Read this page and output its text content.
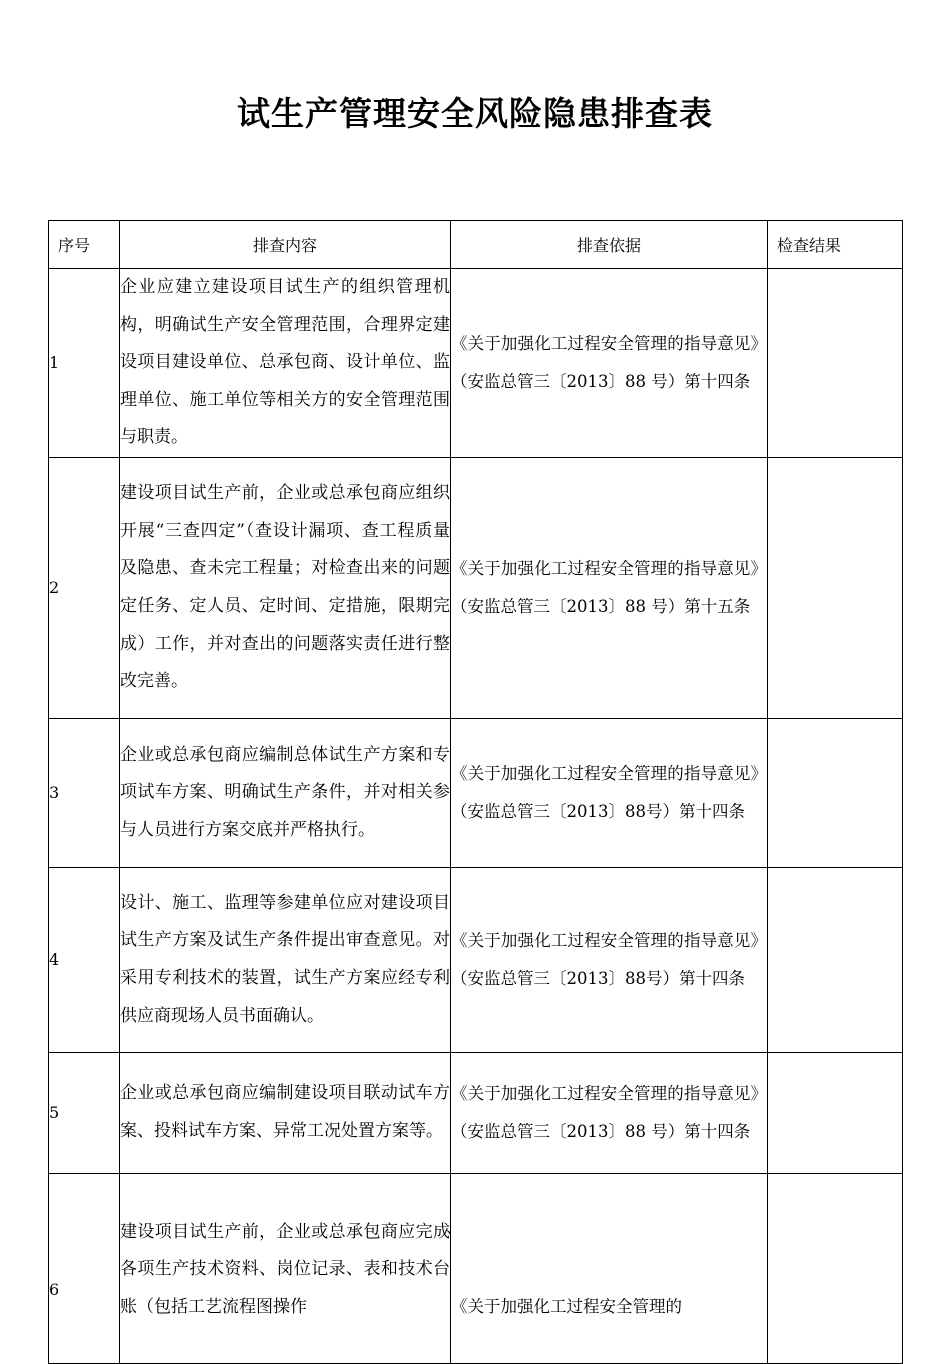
试生产管理安全风险隐患排查表
序号	排查内容	排查依据	检查结果
1	企业应建立建设项目试生产的组织管理机构，明确试生产安全管理范围，合理界定建设项目建设单位、总承包商、设计单位、监理单位、施工单位等相关方的安全管理范围与职责。	《关于加强化工过程安全管理的指导意见》（安监总管三〔2013〕88 号）第十四条	
2	建设项目试生产前，企业或总承包商应组织开展“三查四定”（查设计漏项、查工程质量及隐患、查未完工程量；对检查出来的问题定任务、定人员、定时间、定措施，限期完成）工作，并对查出的问题落实责任进行整改完善。	《关于加强化工过程安全管理的指导意见》（安监总管三〔2013〕88 号）第十五条	
3	企业或总承包商应编制总体试生产方案和专项试车方案、明确试生产条件，并对相关参与人员进行方案交底并严格执行。	《关于加强化工过程安全管理的指导意见》（安监总管三〔2013〕88号）第十四条	
4	设计、施工、监理等参建单位应对建设项目试生产方案及试生产条件提出审查意见。对采用专利技术的装置，试生产方案应经专利供应商现场人员书面确认。	《关于加强化工过程安全管理的指导意见》（安监总管三〔2013〕88号）第十四条	
5	企业或总承包商应编制建设项目联动试车方案、投料试车方案、异常工况处置方案等。	《关于加强化工过程安全管理的指导意见》（安监总管三〔2013〕88 号）第十四条	
6	建设项目试生产前，企业或总承包商应完成各项生产技术资料、岗位记录、表和技术台账（包括工艺流程图操作	《关于加强化工过程安全管理的	
、
